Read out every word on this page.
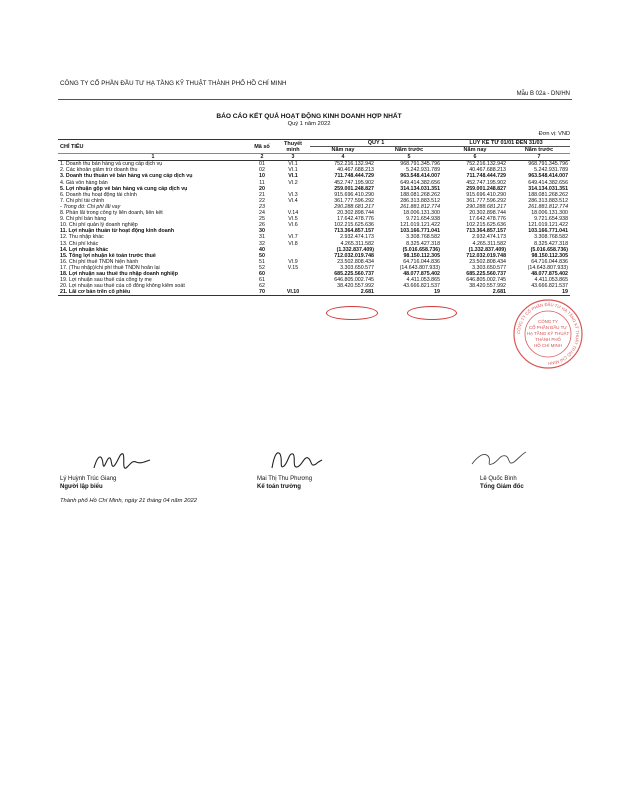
CÔNG TY CỔ PHẦN ĐẦU TƯ HẠ TẦNG KỸ THUẬT THÀNH PHỐ HỒ CHÍ MINH
Mẫu B 02a - DN/HN
BÁO CÁO KẾT QUẢ HOẠT ĐỘNG KINH DOANH HỢP NHẤT
Quý 1 năm 2022
Đơn vị: VND
CHỈ TIÊU	Mã số	Thuyết minh	QUÝ 1		LŨY KẾ TỪ 01/01 ĐẾN 31/03	
			Năm nay	Năm trước	Năm nay	Năm trước
1	2	3	4	5	6	7
1. Doanh thu bán hàng và cung cấp dịch vụ	01	VI.1	752.216.132.942	968.791.345.796	752.216.132.942	968.791.345.796
2. Các khoản giảm trừ doanh thu	02	VI.1	40.467.688.213	5.242.931.789	40.467.688.213	5.242.931.789
3. Doanh thu thuần về bán hàng và cung cấp dịch vụ	10	VI.1	711.748.444.729	963.548.414.007	711.748.444.729	963.548.414.007
4. Giá vốn hàng bán	11	VI.2	452.747.195.902	649.414.382.656	452.747.195.902	649.414.382.656
5. Lợi nhuận gộp về bán hàng và cung cấp dịch vụ	20		259.001.248.827	314.134.031.351	259.001.248.827	314.134.031.351
6. Doanh thu hoạt động tài chính	21	VI.3	915.696.410.290	188.081.268.262	915.696.410.290	188.081.268.262
7. Chi phí tài chính	22	VI.4	361.777.596.292	286.313.883.512	361.777.596.292	286.313.883.512
- Trong đó: Chi phí lãi vay	23		290.288.681.217	261.881.812.774	290.288.681.217	261.881.812.774
8. Phần lãi trong công ty liên doanh, liên kết	24	V.14	20.302.898.744	18.006.131.300	20.302.898.744	18.006.131.300
9. Chi phí bán hàng	25	VI.5	17.642.478.776	9.721.654.938	17.642.478.776	9.721.654.938
10. Chi phí quản lý doanh nghiệp	26	VI.6	102.215.625.636	121.019.121.422	102.215.625.636	121.019.121.422
11. Lợi nhuận thuần từ hoạt động kinh doanh	30		713.364.857.157	103.166.771.041	713.364.857.157	103.166.771.041
12. Thu nhập khác	31	VI.7	2.932.474.173	3.308.768.582	2.932.474.173	3.308.768.582
13. Chi phí khác	32	VI.8	4.265.311.582	8.325.427.318	4.265.311.582	8.325.427.318
14. Lợi nhuận khác	40		(1.332.837.409)	(5.016.658.736)	(1.332.837.409)	(5.016.658.736)
15. Tổng lợi nhuận kế toán trước thuế	50		712.032.019.748	98.150.112.305	712.032.019.748	98.150.112.305
16. Chi phí thuế TNDN hiện hành	51	VI.9	23.502.808.434	64.716.044.836	23.502.808.434	64.716.044.836
17. (Thu nhập)/chi phí thuế TNDN hoãn lại	52	V.15	3.303.650.577	(14.643.807.933)	3.303.650.577	(14.643.807.933)
18. Lợi nhuận sau thuế thu nhập doanh nghiệp	60		685.225.560.737	48.077.875.402	685.225.560.737	48.077.875.402
19. Lợi nhuận sau thuế của công ty mẹ	61		646.805.002.745	4.411.053.865	646.805.002.745	4.411.053.865
20. Lợi nhuận sau thuế của cổ đông không kiểm soát	62		38.420.557.992	43.666.821.537	38.420.557.992	43.666.821.537
21. Lãi cơ bản trên cổ phiếu	70	VI.10	2.681	19	2.681	19
CÔNG TY CỔ PHẦN ĐẦU TƯ HẠ TẦNG KỸ THUẬT TP.HỒ CHÍ MINH
CÔNG TY
CỔ PHẦN ĐẦU TƯ
HẠ TẦNG KỸ THUẬT
THÀNH PHỐ
HỒ CHÍ MINH
Lý Huỳnh Trúc Giang
Người lập biểu
Mai Thị Thu Phương
Kế toán trưởng
Lê Quốc Bình
Tổng Giám đốc
Thành phố Hồ Chí Minh, ngày 21 tháng 04 năm 2022
